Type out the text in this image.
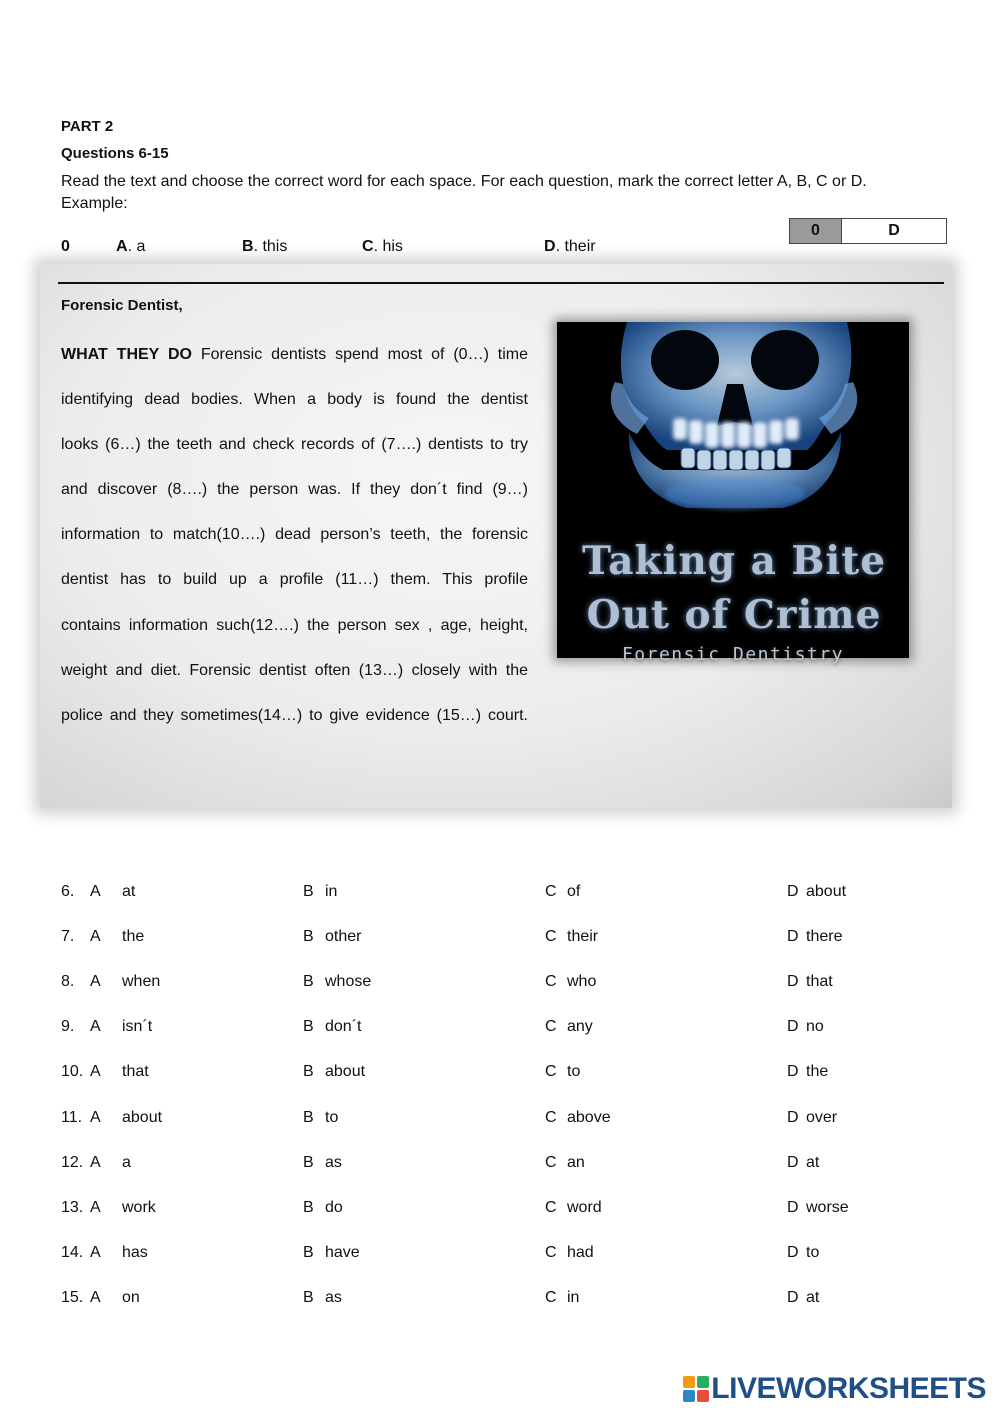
PART 2
Questions 6-15
Read the text and choose the correct word for each space. For each question, mark the correct letter A, B, C or D.
Example:
0	A. a	B. this	C. his	D. their
0	D
Forensic Dentist,
WHAT THEY DO Forensic dentists spend most of (0…) time
identifying dead bodies. When a body is found the dentist
looks (6…) the teeth and check records of (7….) dentists to try
and discover (8….) the person was. If they don´t find (9…)
information to match(10….) dead person’s teeth, the forensic
dentist has to build up a profile (11…) them. This profile
contains information such(12….) the person sex , age, height,
weight and diet. Forensic dentist often (13…) closely with the
police and they sometimes(14…) to give evidence (15…) court.
Taking a Bite
Out of Crime
Forensic Dentistry
6. A at	B in	C of	D about
7. A the	B other	C their	D there
8. A when	B whose	C who	D that
9. A isn´t	B don´t	C any	D no
10. A that	B about	C to	D the
11. A about	B to	C above	D over
12. A a	B as	C an	D at
13. A work	B do	C word	D worse
14. A has	B have	C had	D to
15. A on	B as	C in	D at
LIVEWORKSHEETS
